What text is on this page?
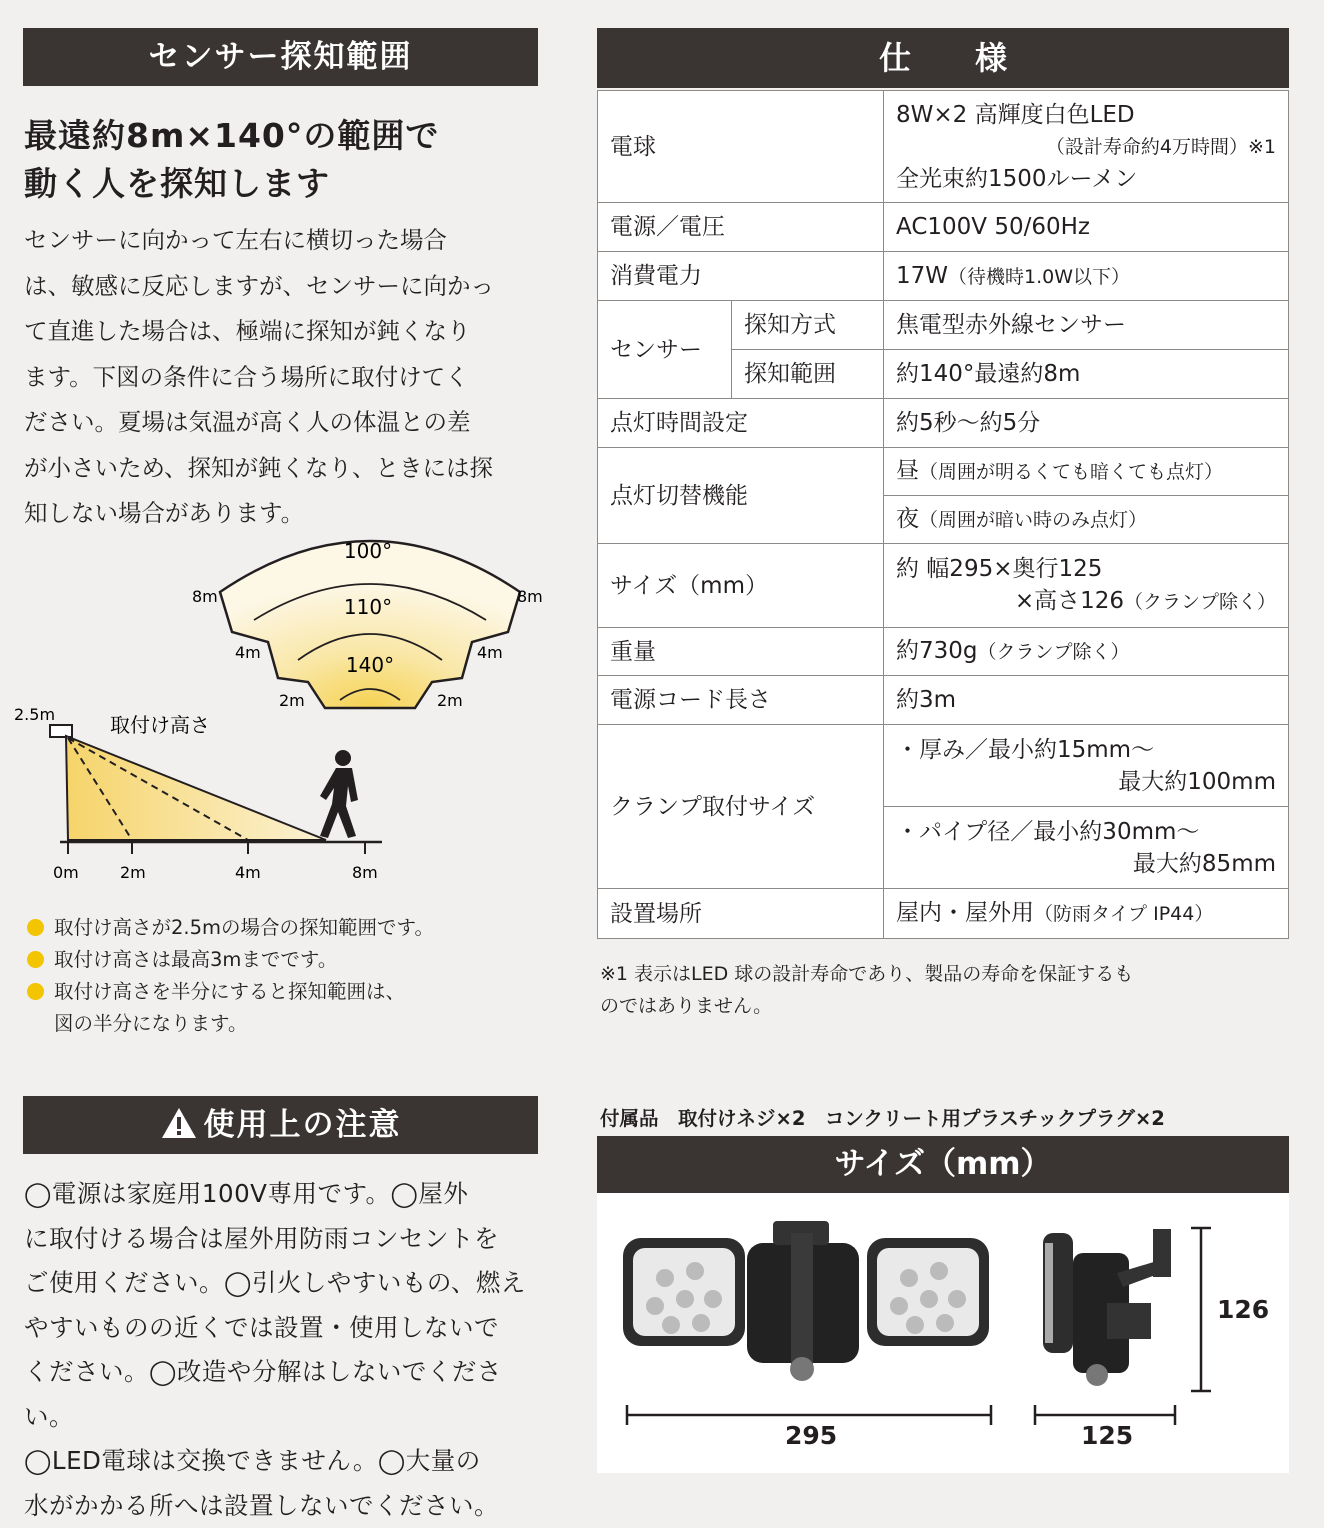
センサー探知範囲
最遠約8m×140°の範囲で
動く人を探知します
センサーに向かって左右に横切った場合
は、敏感に反応しますが、センサーに向かっ
て直進した場合は、極端に探知が鈍くなり
ます。下図の条件に合う場所に取付けてく
ださい。夏場は気温が高く人の体温との差
が小さいため、探知が鈍くなり、ときには探
知しない場合があります。
100°
110°
140°
8m	8m
4m	4m
2m	2m
2.5m	取付け高さ
0m	2m	4m	8m
取付け高さが2.5mの場合の探知範囲です。
取付け高さは最高3mまでです。
取付け高さを半分にすると探知範囲は、
図の半分になります。
使用上の注意
◯電源は家庭用100V専用です。◯屋外
に取付ける場合は屋外用防雨コンセントを
ご使用ください。◯引火しやすいもの、燃え
やすいものの近くでは設置・使用しないで
ください。◯改造や分解はしないでください。
◯LED電球は交換できません。◯大量の
水がかかる所へは設置しないでください。
仕　　様
電球		8W×2 高輝度白色LED
（設計寿命約4万時間）※1
全光束約1500ルーメン

電源／電圧		AC100V 50/60Hz
消費電力		17W（待機時1.0W以下）
センサー	探知方式	焦電型赤外線センサー
	探知範囲	約140°最遠約8m
点灯時間設定		約5秒〜約5分
点灯切替機能		昼（周囲が明るくても暗くても点灯）
		夜（周囲が暗い時のみ点灯）
サイズ（mm）		約 幅295×奥行125
×高さ126（クランプ除く）

重量		約730g（クランプ除く）
電源コード長さ		約3m
クランプ取付サイズ		・厚み／最小約15mm〜
最大約100mm

		・パイプ径／最小約30mm〜
最大約85mm

設置場所		屋内・屋外用（防雨タイプ IP44）
※1 表示はLED 球の設計寿命であり、製品の寿命を保証するも
のではありません。

付属品　取付けネジ×2　コンクリート用プラスチックプラグ×2

サイズ（mm）
295	125
126
